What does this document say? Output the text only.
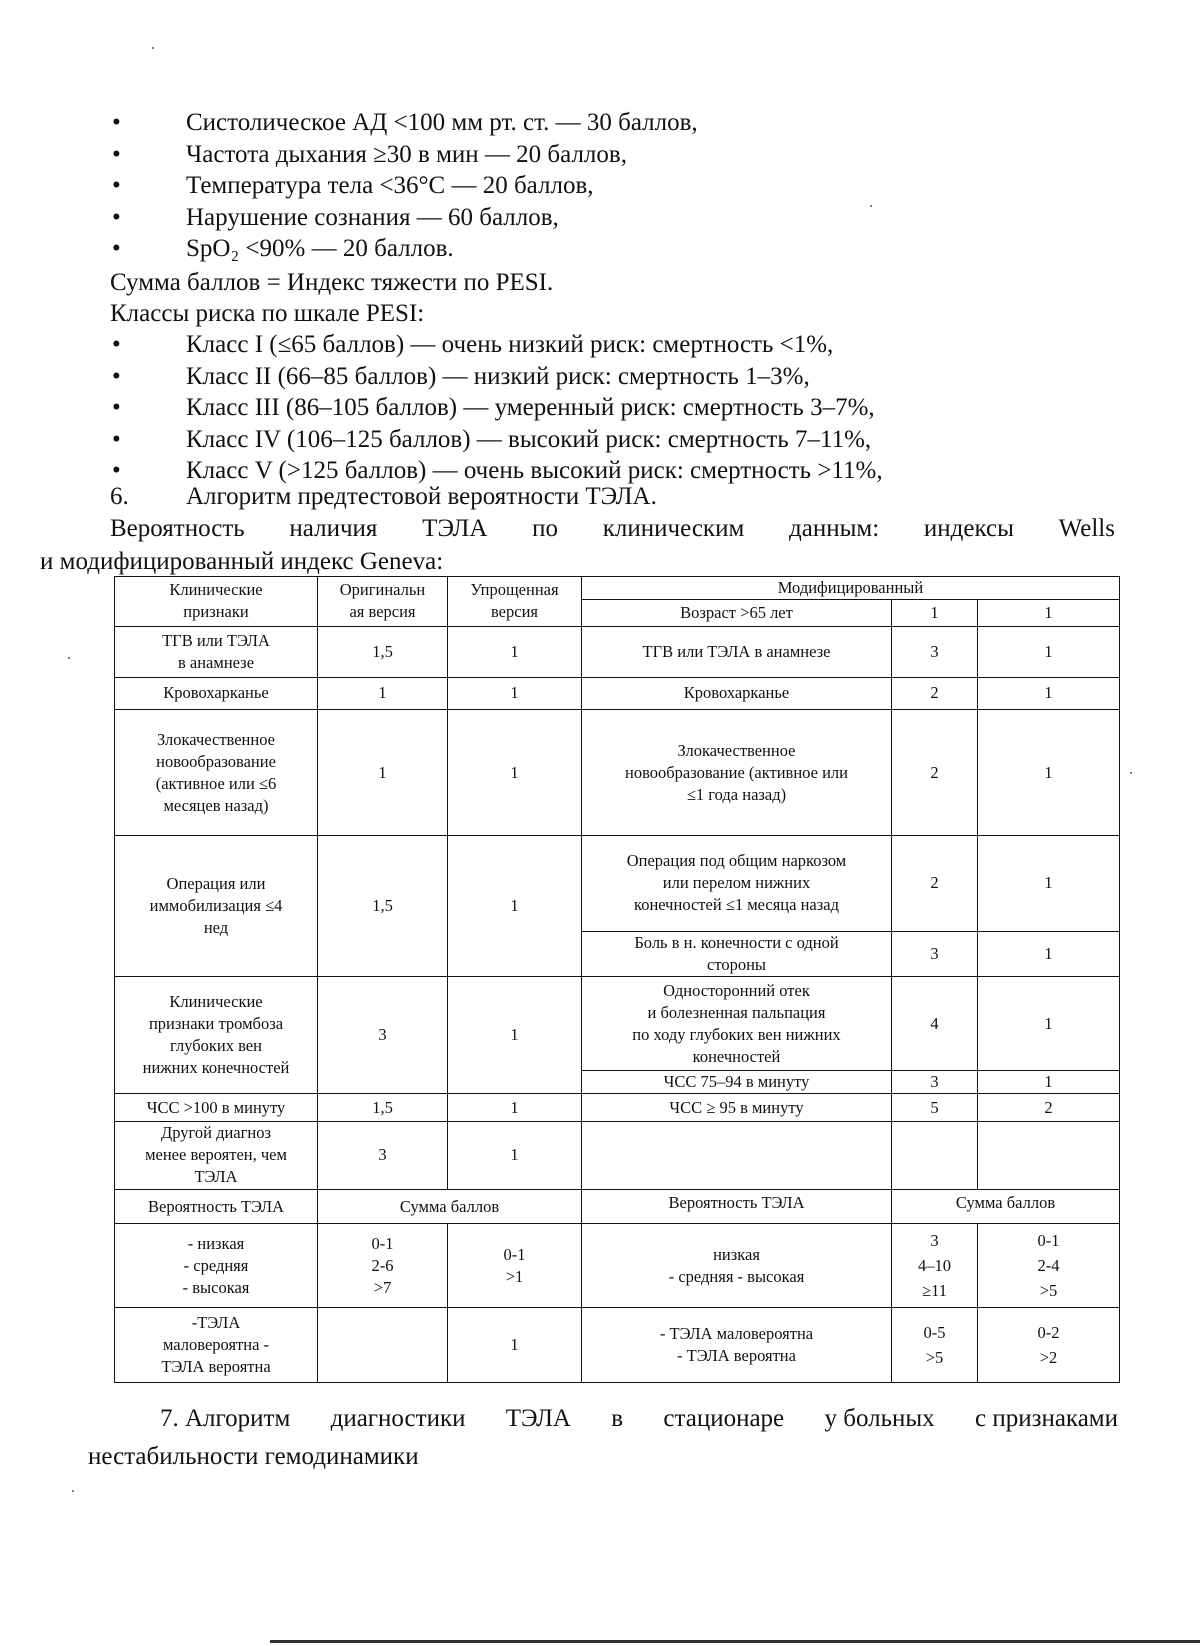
•	Систолическое АД <100 мм рт. ст. — 30 баллов,
•	Частота дыхания ≥30 в мин — 20 баллов,
•	Температура тела <36°С — 20 баллов,
•	Нарушение сознания — 60 баллов,
•	SpO₂ <90% — 20 баллов.
Сумма баллов = Индекс тяжести по PESI.
Классы риска по шкале PESI:
•	Класс I (≤65 баллов) — очень низкий риск: смертность <1%,
•	Класс II (66–85 баллов) — низкий риск: смертность 1–3%,
•	Класс III (86–105 баллов) — умеренный риск: смертность 3–7%,
•	Класс IV (106–125 баллов) — высокий риск: смертность 7–11%,
•	Класс V (>125 баллов) — очень высокий риск: смертность >11%,
6.	Алгоритм предтестовой вероятности ТЭЛА.
Вероятность наличия ТЭЛА по клиническим данным: индексы Wells
и модифицированный индекс Geneva:
Клинические
признаки	Оригинальн
ая версия	Упрощенная
версия	Модифицированный		
			Возраст >65 лет	1	1
ТГВ или ТЭЛА
в анамнезе	1,5	1	ТГВ или ТЭЛА в анамнезе	3	1
Кровохарканье	1	1	Кровохарканье	2	1
Злокачественное
новообразование
(активное или ≤6
месяцев назад)	1	1	Злокачественное
новообразование (активное или
≤1 года назад)	2	1
Операция или
иммобилизация ≤4
нед	1,5	1	Операция под общим наркозом
или перелом нижних
конечностей ≤1 месяца назад	2	1
			Боль в н. конечности с одной
стороны	3	1
Клинические
признаки тромбоза
глубоких вен
нижних конечностей	3	1	Односторонний отек
и болезненная пальпация
по ходу глубоких вен нижних
конечностей	4	1
			ЧСС 75–94 в минуту	3	1
ЧСС >100 в минуту	1,5	1	ЧСС ≥ 95 в минуту	5	2
Другой диагноз
менее вероятен, чем
ТЭЛА	3	1			
Вероятность ТЭЛА	Сумма баллов		Вероятность ТЭЛА	Сумма баллов	
- низкая
- средняя
- высокая	0-1
2-6
>7	0-1
>1	низкая
- средняя - высокая	3
4–10
≥11	0-1
2-4
>5
-ТЭЛА
маловероятна -
ТЭЛА вероятна		1	- ТЭЛА маловероятна
- ТЭЛА вероятна	0-5
>5	0-2
>2
7. Алгоритм диагностики ТЭЛА в стационаре у больных с признаками
нестабильности гемодинамики
